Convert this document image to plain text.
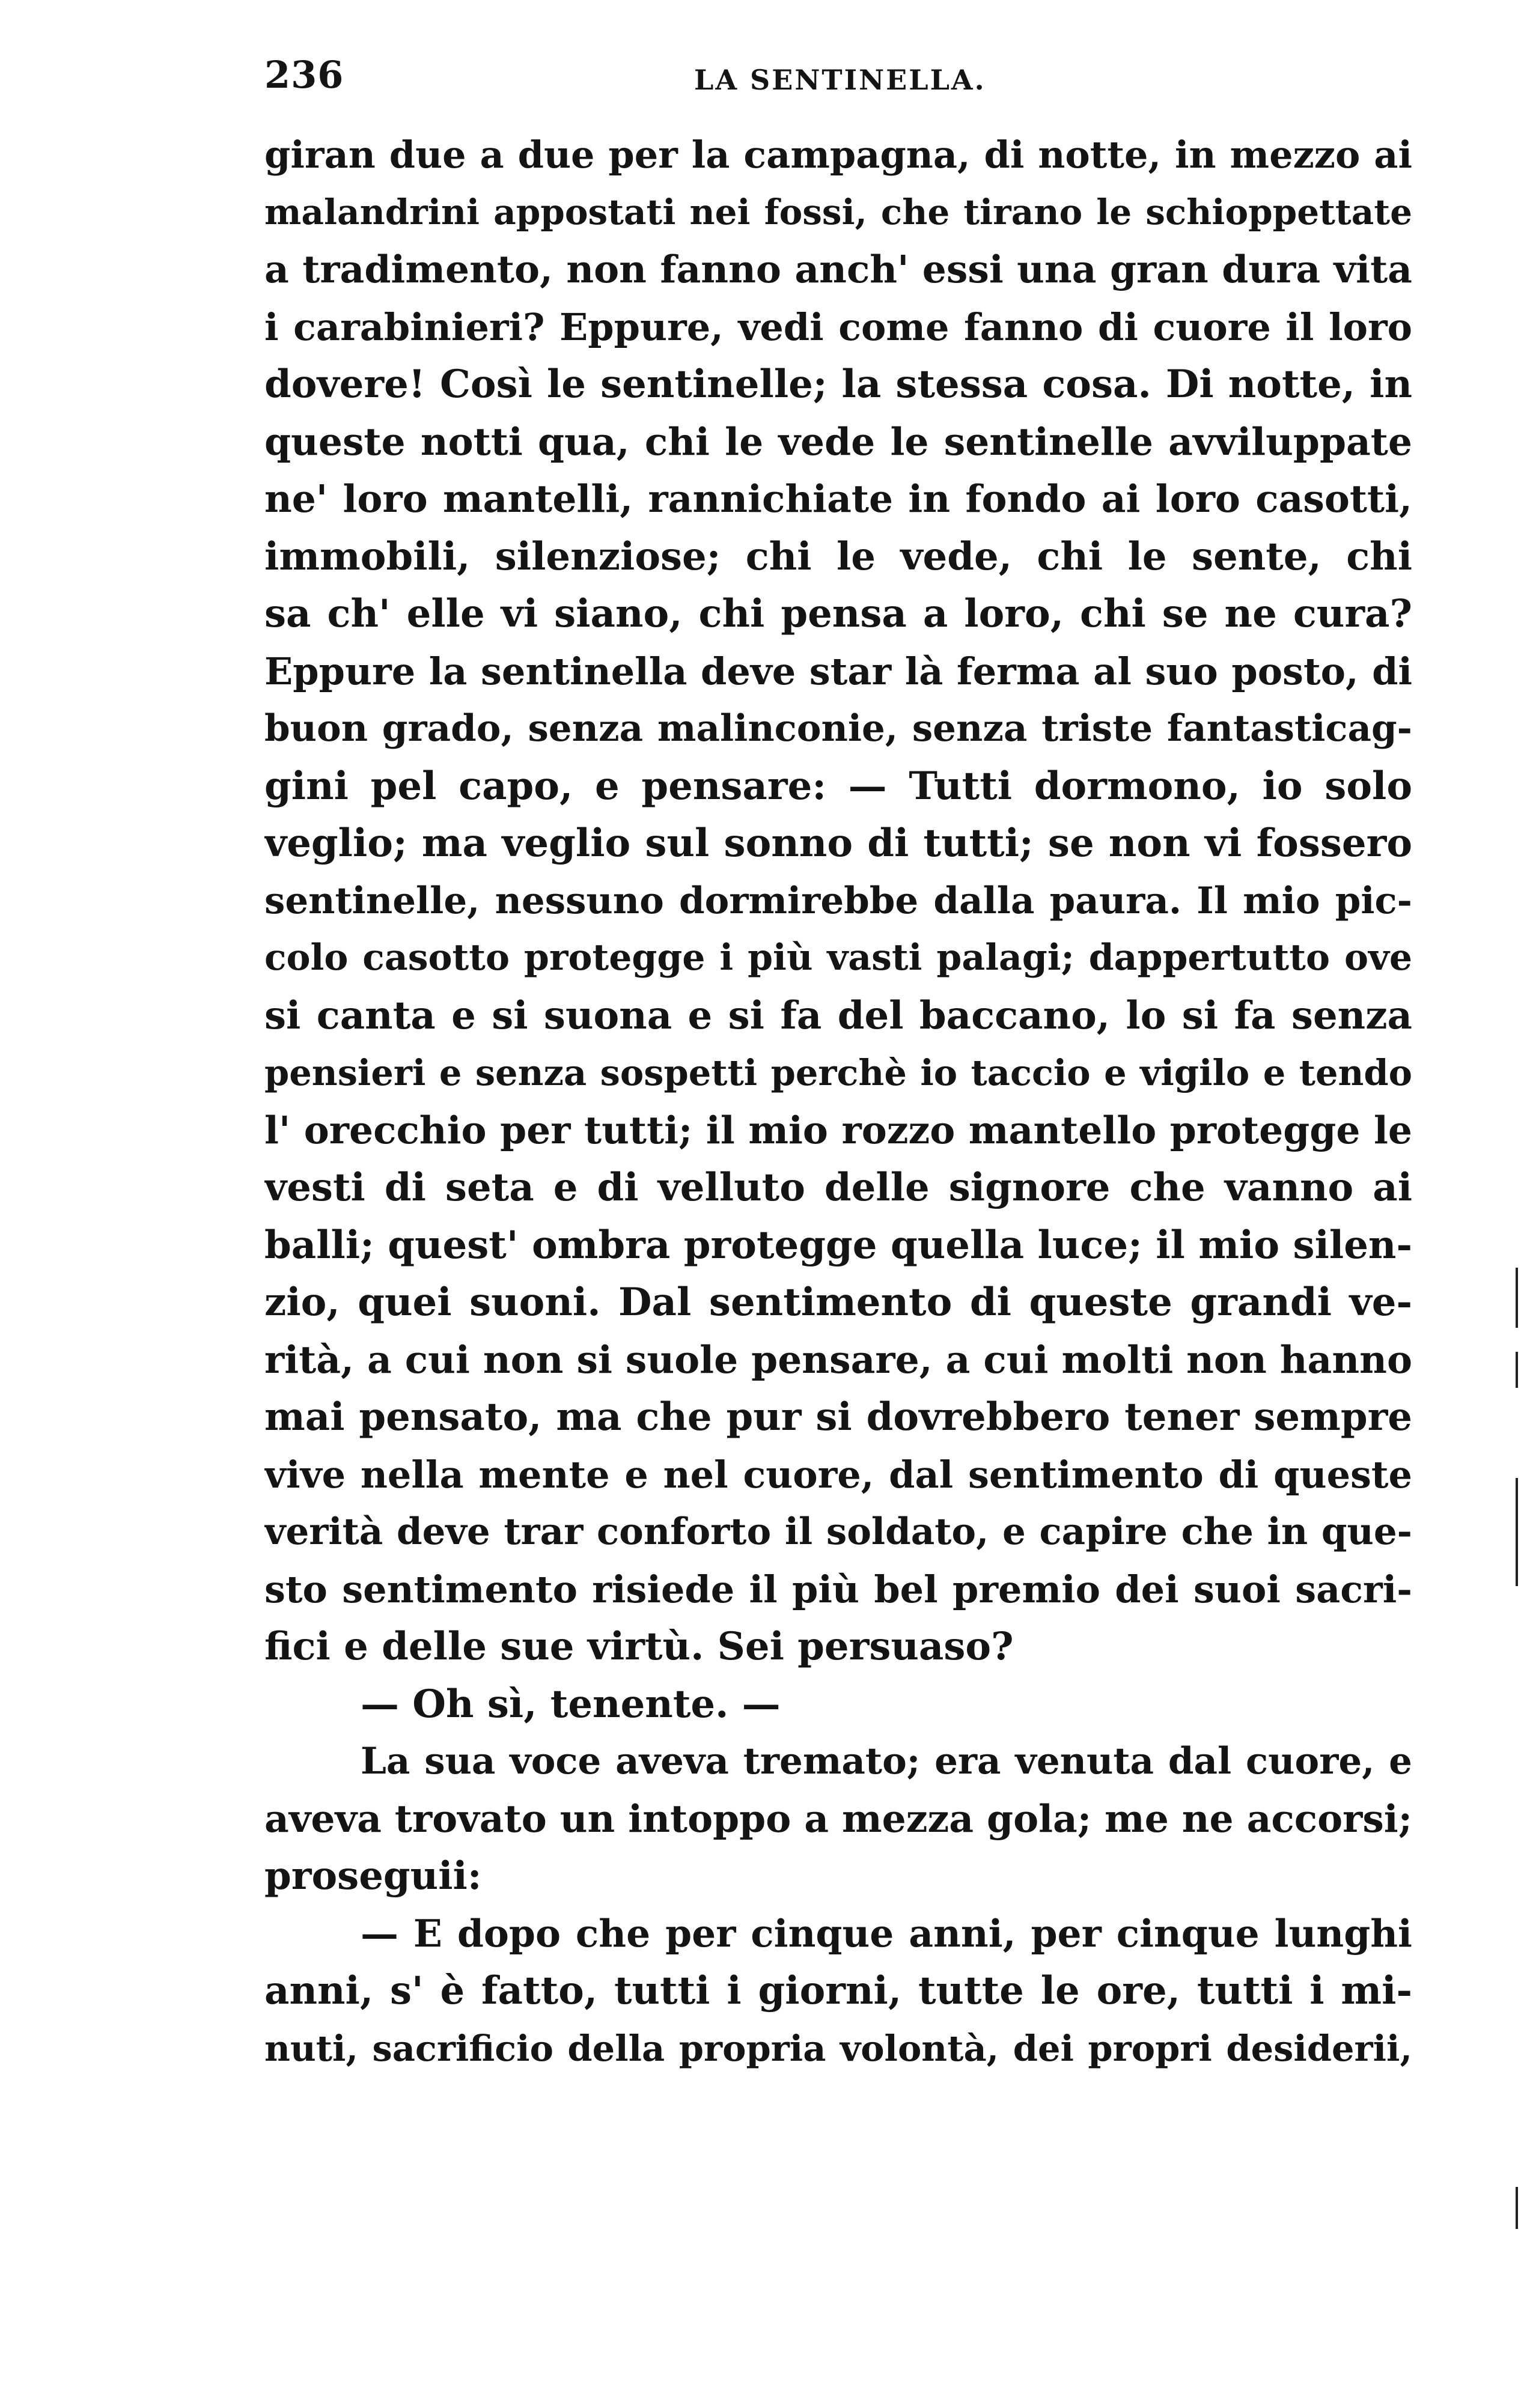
236	LA SENTINELLA.
giran due a due per la campagna, di notte, in mezzo ai
malandrini appostati nei fossi, che tirano le schioppettate
a tradimento, non fanno anch' essi una gran dura vita
i carabinieri? Eppure, vedi come fanno di cuore il loro
dovere! Così le sentinelle; la stessa cosa. Di notte, in
queste notti qua, chi le vede le sentinelle avviluppate
ne' loro mantelli, rannichiate in fondo ai loro casotti,
immobili, silenziose; chi le vede, chi le sente, chi
sa ch' elle vi siano, chi pensa a loro, chi se ne cura?
Eppure la sentinella deve star là ferma al suo posto, di
buon grado, senza malinconie, senza triste fantasticag-
gini pel capo, e pensare: — Tutti dormono, io solo
veglio; ma veglio sul sonno di tutti; se non vi fossero
sentinelle, nessuno dormirebbe dalla paura. Il mio pic-
colo casotto protegge i più vasti palagi; dappertutto ove
si canta e si suona e si fa del baccano, lo si fa senza
pensieri e senza sospetti perchè io taccio e vigilo e tendo
l' orecchio per tutti; il mio rozzo mantello protegge le
vesti di seta e di velluto delle signore che vanno ai
balli; quest' ombra protegge quella luce; il mio silen-
zio, quei suoni. Dal sentimento di queste grandi ve-
rità, a cui non si suole pensare, a cui molti non hanno
mai pensato, ma che pur si dovrebbero tener sempre
vive nella mente e nel cuore, dal sentimento di queste
verità deve trar conforto il soldato, e capire che in que-
sto sentimento risiede il più bel premio dei suoi sacri-
fici e delle sue virtù. Sei persuaso?
— Oh sì, tenente. —
La sua voce aveva tremato; era venuta dal cuore, e
aveva trovato un intoppo a mezza gola; me ne accorsi;
proseguii:
— E dopo che per cinque anni, per cinque lunghi
anni, s' è fatto, tutti i giorni, tutte le ore, tutti i mi-
nuti, sacrificio della propria volontà, dei propri desiderii,
